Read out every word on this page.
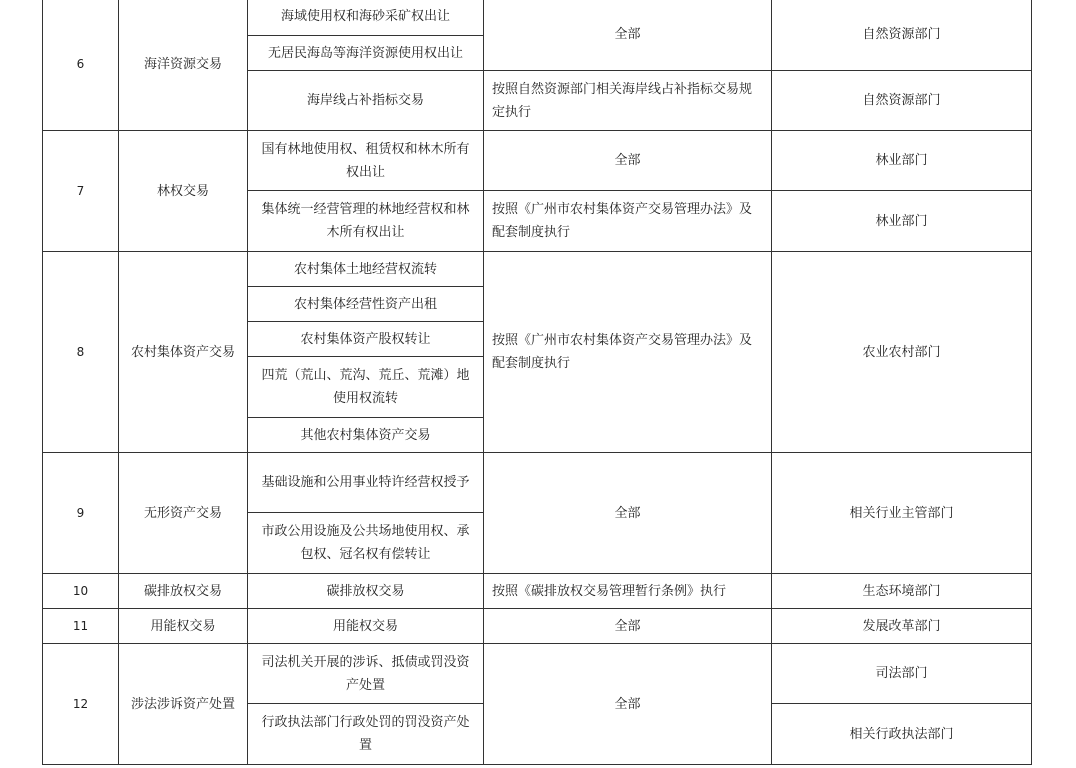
6	海洋资源交易	海域使用权和海砂采矿权出让	全部	自然资源部门
		无居民海岛等海洋资源使用权出让		
		海岸线占补指标交易	按照自然资源部门相关海岸线占补指标交易规定执行	自然资源部门
7	林权交易	国有林地使用权、租赁权和林木所有权出让	全部	林业部门
		集体统一经营管理的林地经营权和林木所有权出让	按照《广州市农村集体资产交易管理办法》及配套制度执行	林业部门
8	农村集体资产交易	农村集体土地经营权流转	按照《广州市农村集体资产交易管理办法》及配套制度执行	农业农村部门
		农村集体经营性资产出租		
		农村集体资产股权转让		
		四荒（荒山、荒沟、荒丘、荒滩）地使用权流转		
		其他农村集体资产交易		
9	无形资产交易	基础设施和公用事业特许经营权授予	全部	相关行业主管部门
		市政公用设施及公共场地使用权、承包权、冠名权有偿转让		
10	碳排放权交易	碳排放权交易	按照《碳排放权交易管理暂行条例》执行	生态环境部门
11	用能权交易	用能权交易	全部	发展改革部门
12	涉法涉诉资产处置	司法机关开展的涉诉、抵债或罚没资产处置	全部	司法部门
		行政执法部门行政处罚的罚没资产处置		相关行政执法部门
